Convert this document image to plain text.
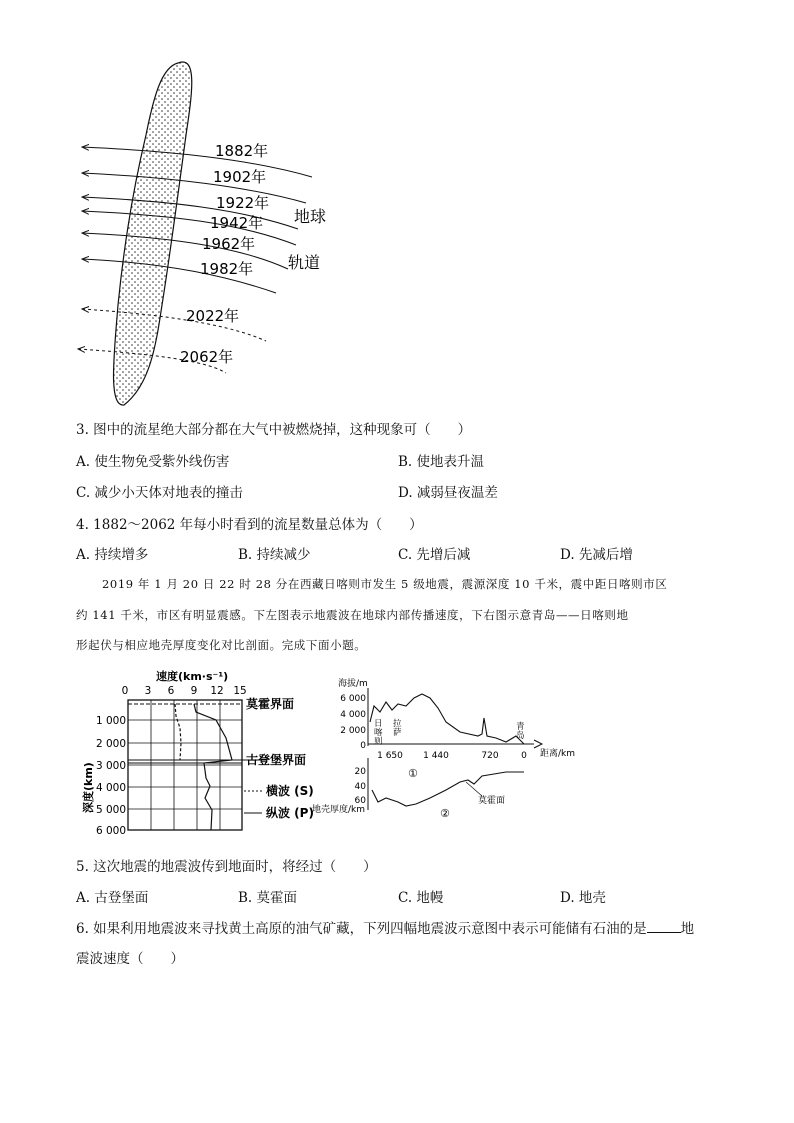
1882年
1902年
1922年
1942年
1962年
1982年
2022年
2062年
地球
轨道
3. 图中的流星绝大部分都在大气中被燃烧掉，这种现象可（　　）
A. 使生物免受紫外线伤害	B. 使地表升温
C. 减少小天体对地表的撞击	D. 减弱昼夜温差
4. 1882～2062 年每小时看到的流星数量总体为（　　）
A. 持续增多	B. 持续减少	C. 先增后减	D. 先减后增
2019 年 1 月 20 日 22 时 28 分在西藏日喀则市发生 5 级地震，震源深度 10 千米，震中距日喀则市区
约 141 千米，市区有明显震感。下左图表示地震波在地球内部传播速度，下右图示意青岛——日喀则地
形起伏与相应地壳厚度变化对比剖面。完成下面小题。
速度(km·s⁻¹)
0 3 6 9 12 15
1 000
2 000
3 000
4 000
5 000
6 000
深度(km)
莫霍界面
古登堡界面
横波 (S)
纵波 (P)
海拔/m
6 000
4 000
2 000
0
距离/km
1 650 1 440	720	0
日喀则
拉萨
青岛
20
40
60
地壳厚度/km
莫霍面
①
②
5. 这次地震的地震波传到地面时，将经过（　　）
A. 古登堡面	B. 莫霍面	C. 地幔	D. 地壳
6. 如果利用地震波来寻找黄土高原的油气矿藏，下列四幅地震波示意图中表示可能储有石油的是	地
震波速度（　　）
